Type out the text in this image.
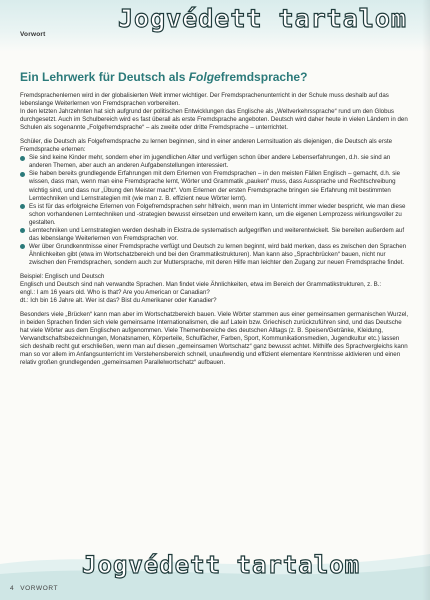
Vorwort
Jogvédett tartalom
Ein Lehrwerk für Deutsch als Folgefremdsprache?

Fremdsprachenlernen wird in der globalisierten Welt immer wichtiger. Der Fremdsprachenunterricht in der Schule muss deshalb auf das lebenslange Weiterlernen von Fremdsprachen vorbereiten.

In den letzten Jahrzehnten hat sich aufgrund der politischen Entwicklungen das Englische als „Weltverkehrssprache“ rund um den Globus durchgesetzt. Auch im Schulbereich wird es fast überall als erste Fremdsprache angeboten. Deutsch wird daher heute in vielen Ländern in den Schulen als sogenannte „Folgefremdsprache“ – als zweite oder dritte Fremdsprache – unterrichtet.

Schüler, die Deutsch als Folgefremdsprache zu lernen beginnen, sind in einer anderen Lernsituation als diejenigen, die Deutsch als erste Fremdsprache erlernen:

Sie sind keine Kinder mehr, sondern eher im jugendlichen Alter und verfügen schon über andere Lebenserfahrungen, d.h. sie sind an anderen Themen, aber auch an anderen Aufgabenstellungen interessiert.
Sie haben bereits grundlegende Erfahrungen mit dem Erlernen von Fremdsprachen – in den meisten Fällen Englisch – gemacht, d.h. sie wissen, dass man, wenn man eine Fremdsprache lernt, Wörter und Grammatik „pauken“ muss, dass Aussprache und Rechtschreibung wichtig sind, und dass nur „Übung den Meister macht“. Vom Erlernen der ersten Fremdsprache bringen sie Erfahrung mit bestimmten Lerntechniken und Lernstrategien mit (wie man z. B. effizient neue Wörter lernt).
Es ist für das erfolgreiche Erlernen von Folgefremdsprachen sehr hilfreich, wenn man im Unterricht immer wieder bespricht, wie man diese schon vorhandenen Lerntechniken und -strategien bewusst einsetzen und erweitern kann, um die eigenen Lernprozess wirkungsvoller zu gestalten.
Lerntechniken und Lernstrategien werden deshalb in Ekstra.de systematisch aufgegriffen und weiterentwickelt. Sie bereiten außerdem auf das lebenslange Weiterlernen von Fremdsprachen vor.
Wer über Grundkenntnisse einer Fremdsprache verfügt und Deutsch zu lernen beginnt, wird bald merken, dass es zwischen den Sprachen Ähnlichkeiten gibt (etwa im Wortschatzbereich und bei den Grammatikstrukturen). Man kann also „Sprachbrücken“ bauen, nicht nur zwischen den Fremdsprachen, sondern auch zur Muttersprache, mit deren Hilfe man leichter den Zugang zur neuen Fremdsprache findet.

Beispiel: Englisch und Deutsch

Englisch und Deutsch sind nah verwandte Sprachen. Man findet viele Ähnlichkeiten, etwa im Bereich der Grammatikstrukturen, z. B.:

engl.: I am 16 years old. Who is that? Are you American or Canadian?

dt.: Ich bin 16 Jahre alt. Wer ist das? Bist du Amerikaner oder Kanadier?

Besonders viele „Brücken“ kann man aber im Wortschatzbereich bauen. Viele Wörter stammen aus einer gemeinsamen germanischen Wurzel, in beiden Sprachen finden sich viele gemeinsame Internationalismen, die auf Latein bzw. Griechisch zurückzuführen sind, und das Deutsche hat viele Wörter aus dem Englischen aufgenommen. Viele Themenbereiche des deutschen Alltags (z. B. Speisen/Getränke, Kleidung, Verwandtschaftsbezeichnungen, Monatsnamen, Körperteile, Schulfächer, Farben, Sport, Kommunikationsmedien, Jugendkultur etc.) lassen sich deshalb recht gut erschließen, wenn man auf diesen „gemeinsamen Wortschatz“ ganz bewusst achtet. Mithilfe des Sprachvergleichs kann man so vor allem im Anfangsunterricht im Verstehensbereich schnell, unaufwendig und effizient elementare Kenntnisse aktivieren und einen relativ großen grundlegenden „gemeinsamen Parallelwortschatz“ aufbauen.

Jogvédett tartalom
4 VORWORT
